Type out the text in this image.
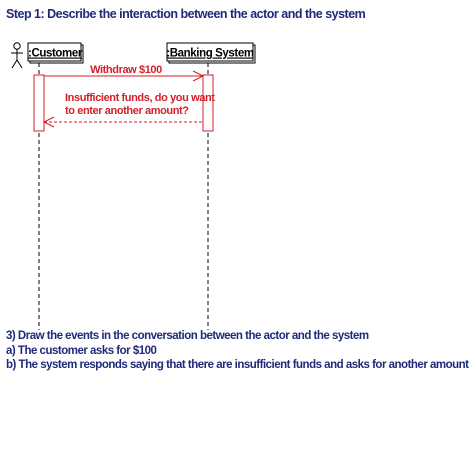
Step 1: Describe the interaction between the actor and the system
:Customer	:Banking System
Withdraw $100
Insufficient funds, do you want
to enter another amount?
3) Draw the events in the conversation between the actor and the system
a) The customer asks for $100
b) The system responds saying that there are insufficient funds and asks for another amount
